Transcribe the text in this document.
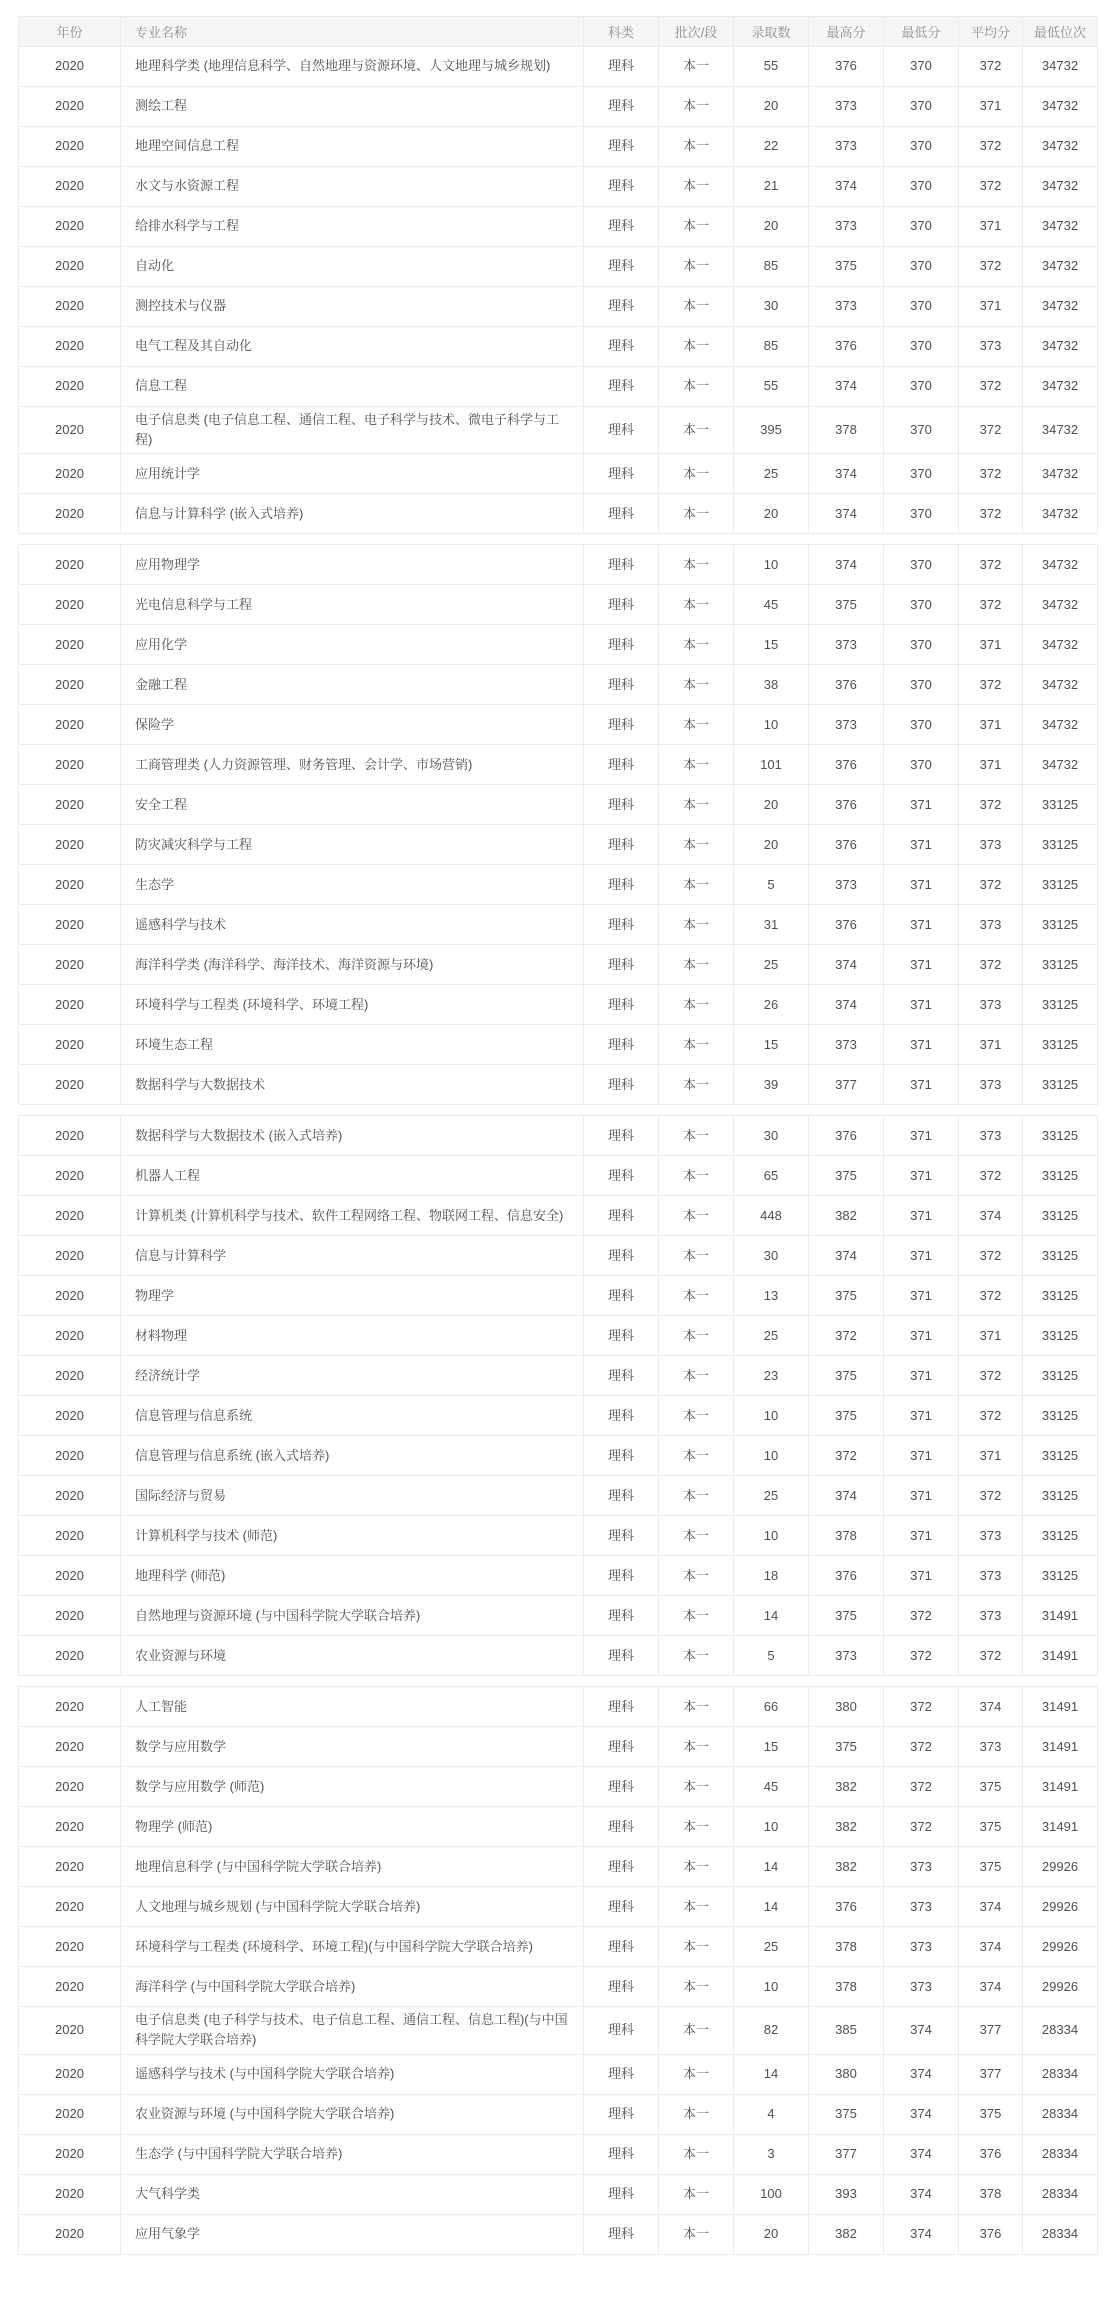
年份	专业名称	科类	批次/段	录取数	最高分	最低分	平均分	最低位次
2020	地理科学类 (地理信息科学、自然地理与资源环境、人文地理与城乡规划)	理科	本一	55	376	370	372	34732
2020	测绘工程	理科	本一	20	373	370	371	34732
2020	地理空间信息工程	理科	本一	22	373	370	372	34732
2020	水文与水资源工程	理科	本一	21	374	370	372	34732
2020	给排水科学与工程	理科	本一	20	373	370	371	34732
2020	自动化	理科	本一	85	375	370	372	34732
2020	测控技术与仪器	理科	本一	30	373	370	371	34732
2020	电气工程及其自动化	理科	本一	85	376	370	373	34732
2020	信息工程	理科	本一	55	374	370	372	34732
2020	电子信息类 (电子信息工程、通信工程、电子科学与技术、微电子科学与工程)	理科	本一	395	378	370	372	34732
2020	应用统计学	理科	本一	25	374	370	372	34732
2020	信息与计算科学 (嵌入式培养)	理科	本一	20	374	370	372	34732
2020	应用物理学	理科	本一	10	374	370	372	34732
2020	光电信息科学与工程	理科	本一	45	375	370	372	34732
2020	应用化学	理科	本一	15	373	370	371	34732
2020	金融工程	理科	本一	38	376	370	372	34732
2020	保险学	理科	本一	10	373	370	371	34732
2020	工商管理类 (人力资源管理、财务管理、会计学、市场营销)	理科	本一	101	376	370	371	34732
2020	安全工程	理科	本一	20	376	371	372	33125
2020	防灾减灾科学与工程	理科	本一	20	376	371	373	33125
2020	生态学	理科	本一	5	373	371	372	33125
2020	遥感科学与技术	理科	本一	31	376	371	373	33125
2020	海洋科学类 (海洋科学、海洋技术、海洋资源与环境)	理科	本一	25	374	371	372	33125
2020	环境科学与工程类 (环境科学、环境工程)	理科	本一	26	374	371	373	33125
2020	环境生态工程	理科	本一	15	373	371	371	33125
2020	数据科学与大数据技术	理科	本一	39	377	371	373	33125
2020	数据科学与大数据技术 (嵌入式培养)	理科	本一	30	376	371	373	33125
2020	机器人工程	理科	本一	65	375	371	372	33125
2020	计算机类 (计算机科学与技术、软件工程网络工程、物联网工程、信息安全)	理科	本一	448	382	371	374	33125
2020	信息与计算科学	理科	本一	30	374	371	372	33125
2020	物理学	理科	本一	13	375	371	372	33125
2020	材料物理	理科	本一	25	372	371	371	33125
2020	经济统计学	理科	本一	23	375	371	372	33125
2020	信息管理与信息系统	理科	本一	10	375	371	372	33125
2020	信息管理与信息系统 (嵌入式培养)	理科	本一	10	372	371	371	33125
2020	国际经济与贸易	理科	本一	25	374	371	372	33125
2020	计算机科学与技术 (师范)	理科	本一	10	378	371	373	33125
2020	地理科学 (师范)	理科	本一	18	376	371	373	33125
2020	自然地理与资源环境 (与中国科学院大学联合培养)	理科	本一	14	375	372	373	31491
2020	农业资源与环境	理科	本一	5	373	372	372	31491
2020	人工智能	理科	本一	66	380	372	374	31491
2020	数学与应用数学	理科	本一	15	375	372	373	31491
2020	数学与应用数学 (师范)	理科	本一	45	382	372	375	31491
2020	物理学 (师范)	理科	本一	10	382	372	375	31491
2020	地理信息科学 (与中国科学院大学联合培养)	理科	本一	14	382	373	375	29926
2020	人文地理与城乡规划 (与中国科学院大学联合培养)	理科	本一	14	376	373	374	29926
2020	环境科学与工程类 (环境科学、环境工程)(与中国科学院大学联合培养)	理科	本一	25	378	373	374	29926
2020	海洋科学 (与中国科学院大学联合培养)	理科	本一	10	378	373	374	29926
2020	电子信息类 (电子科学与技术、电子信息工程、通信工程、信息工程)(与中国科学院大学联合培养)	理科	本一	82	385	374	377	28334
2020	遥感科学与技术 (与中国科学院大学联合培养)	理科	本一	14	380	374	377	28334
2020	农业资源与环境 (与中国科学院大学联合培养)	理科	本一	4	375	374	375	28334
2020	生态学 (与中国科学院大学联合培养)	理科	本一	3	377	374	376	28334
2020	大气科学类	理科	本一	100	393	374	378	28334
2020	应用气象学	理科	本一	20	382	374	376	28334
